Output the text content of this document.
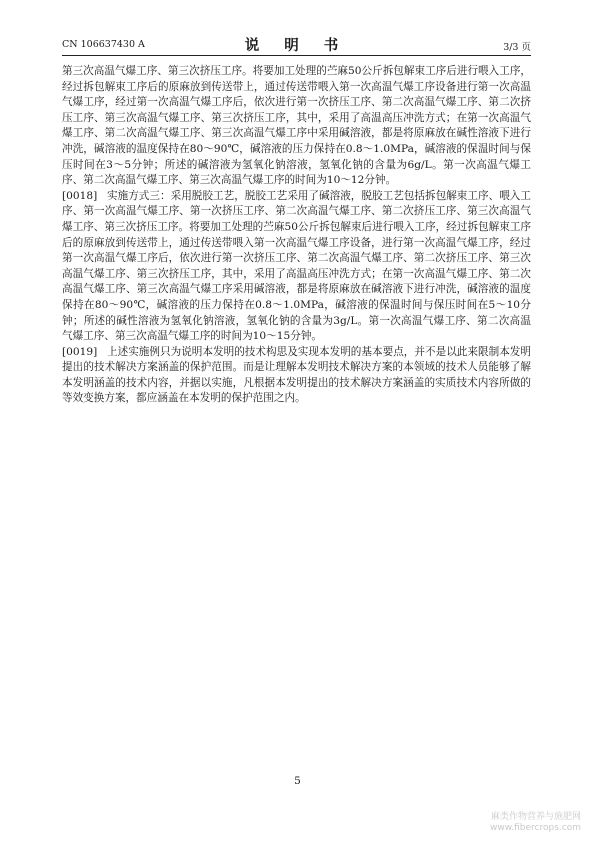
CN 106637430 A	说 明 书	3/3 页

第三次高温气爆工序、第三次挤压工序。将要加工处理的苎麻50公斤拆包解束工序后进行喂入工序，经过拆包解束工序后的原麻放到传送带上，通过传送带喂入第一次高温气爆工序设备进行第一次高温气爆工序，经过第一次高温气爆工序后，依次进行第一次挤压工序、第二次高温气爆工序、第二次挤压工序、第三次高温气爆工序、第三次挤压工序，其中，采用了高温高压冲洗方式；在第一次高温气爆工序、第二次高温气爆工序、第三次高温气爆工序中采用碱溶液，都是将原麻放在碱性溶液下进行冲洗，碱溶液的温度保持在80～90℃，碱溶液的压力保持在0.8～1.0MPa，碱溶液的保温时间与保压时间在3～5分钟；所述的碱溶液为氢氧化钠溶液，氢氧化钠的含量为6g/L。第一次高温气爆工序、第二次高温气爆工序、第三次高温气爆工序的时间为10～12分钟。

[0018] 实施方式三：采用脱胶工艺，脱胶工艺采用了碱溶液，脱胶工艺包括拆包解束工序、喂入工序、第一次高温气爆工序、第一次挤压工序、第二次高温气爆工序、第二次挤压工序、第三次高温气爆工序、第三次挤压工序。将要加工处理的苎麻50公斤拆包解束后进行喂入工序，经过拆包解束工序后的原麻放到传送带上，通过传送带喂入第一次高温气爆工序设备，进行第一次高温气爆工序，经过第一次高温气爆工序后，依次进行第一次挤压工序、第二次高温气爆工序、第二次挤压工序、第三次高温气爆工序、第三次挤压工序，其中，采用了高温高压冲洗方式；在第一次高温气爆工序、第二次高温气爆工序、第三次高温气爆工序采用碱溶液，都是将原麻放在碱溶液下进行冲洗，碱溶液的温度保持在80～90℃，碱溶液的压力保持在0.8～1.0MPa，碱溶液的保温时间与保压时间在5～10分钟；所述的碱性溶液为氢氧化钠溶液，氢氧化钠的含量为3g/L。第一次高温气爆工序、第二次高温气爆工序、第三次高温气爆工序的时间为10～15分钟。

[0019] 上述实施例只为说明本发明的技术构思及实现本发明的基本要点，并不是以此来限制本发明提出的技术解决方案涵盖的保护范围。而是让理解本发明技术解决方案的本领域的技术人员能够了解本发明涵盖的技术内容，并据以实施，凡根据本发明提出的技术解决方案涵盖的实质技术内容所做的等效变换方案，都应涵盖在本发明的保护范围之内。

5
麻类作物营养与施肥网
www.fibercrops.com
